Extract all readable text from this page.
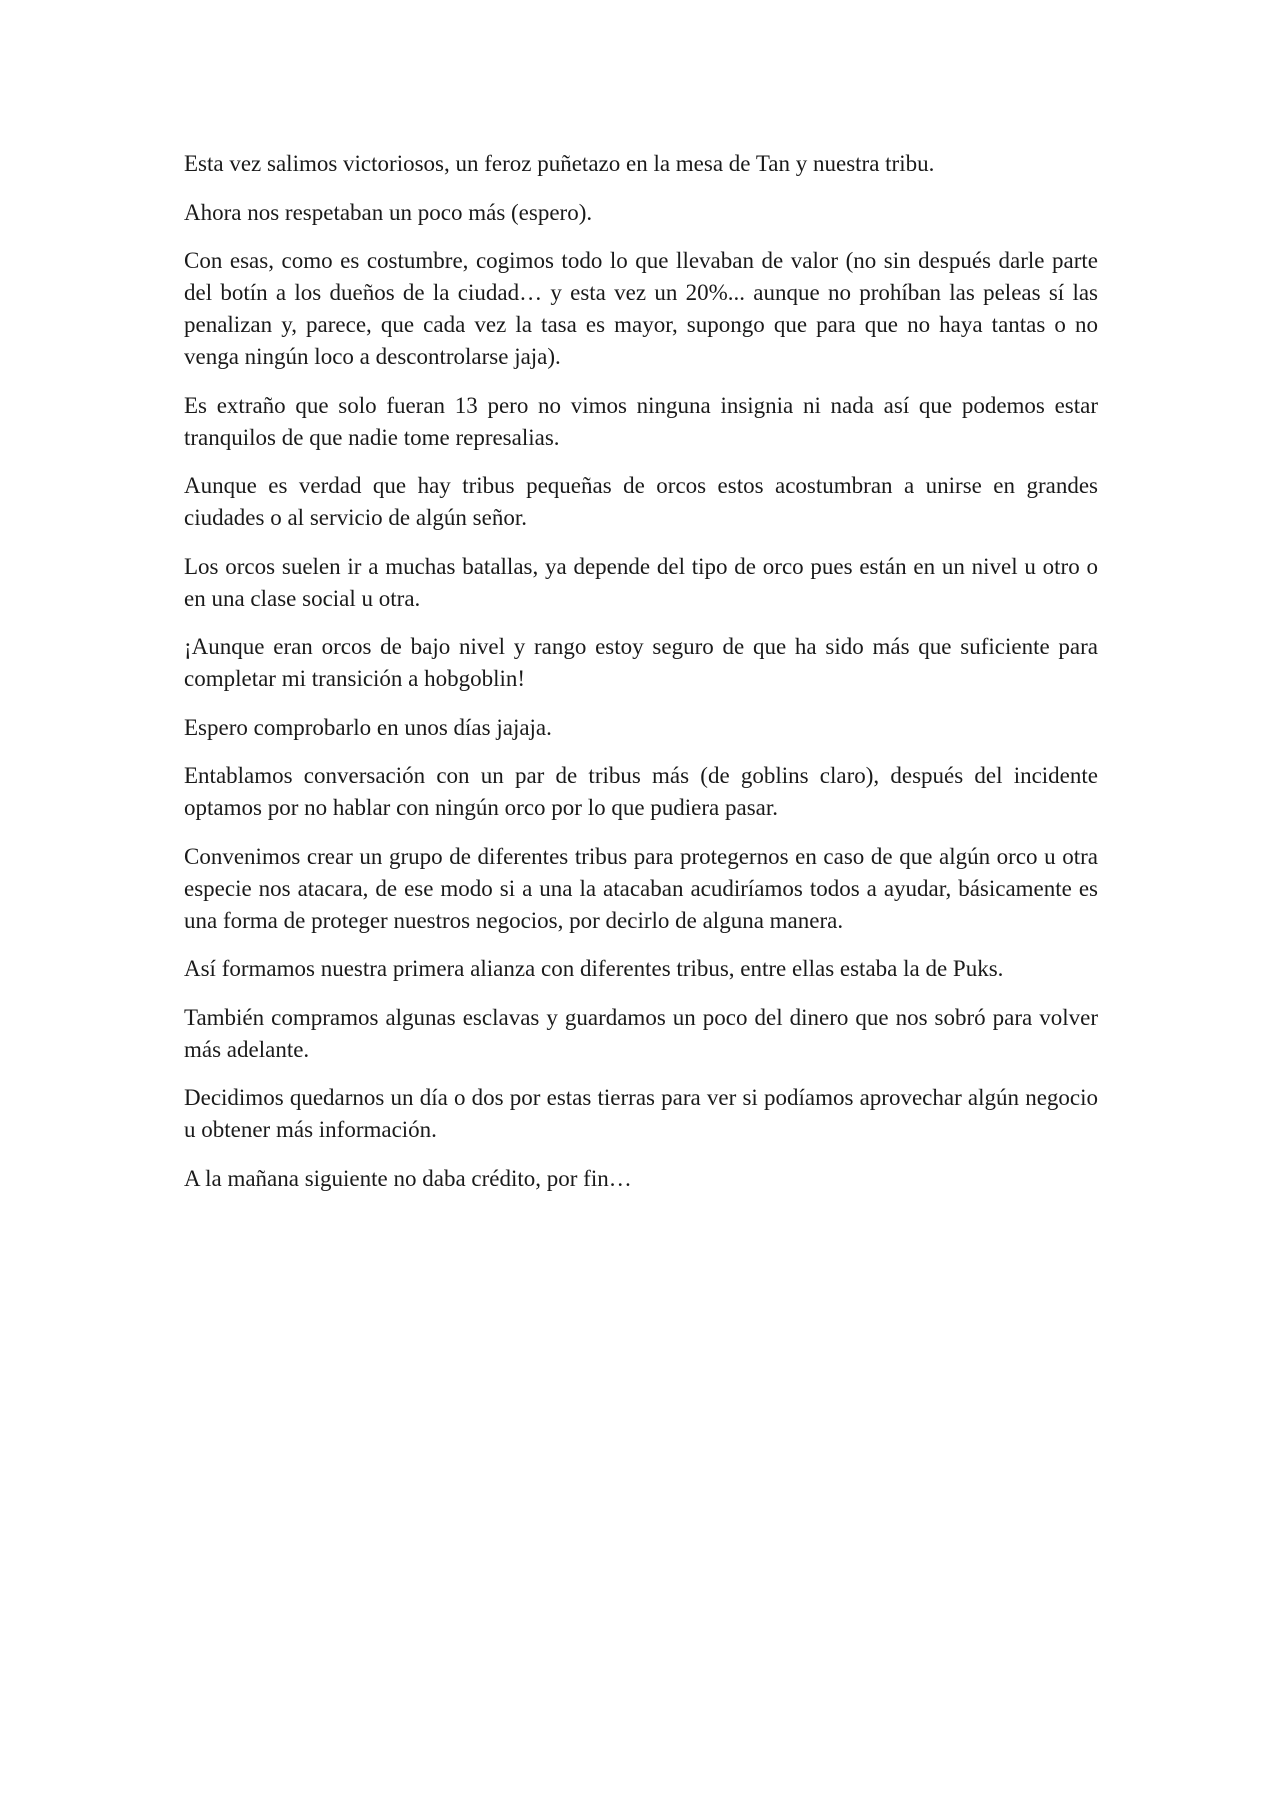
Esta vez salimos victoriosos, un feroz puñetazo en la mesa de Tan y nuestra tribu.

Ahora nos respetaban un poco más (espero).

Con esas, como es costumbre, cogimos todo lo que llevaban de valor (no sin después darle parte del botín a los dueños de la ciudad… y esta vez un 20%... aunque no prohíban las peleas sí las penalizan y, parece, que cada vez la tasa es mayor, supongo que para que no haya tantas o no venga ningún loco a descontrolarse jaja).

Es extraño que solo fueran 13 pero no vimos ninguna insignia ni nada así que podemos estar tranquilos de que nadie tome represalias.

Aunque es verdad que hay tribus pequeñas de orcos estos acostumbran a unirse en grandes ciudades o al servicio de algún señor.

Los orcos suelen ir a muchas batallas, ya depende del tipo de orco pues están en un nivel u otro o en una clase social u otra.

¡Aunque eran orcos de bajo nivel y rango estoy seguro de que ha sido más que suficiente para completar mi transición a hobgoblin!

Espero comprobarlo en unos días jajaja.

Entablamos conversación con un par de tribus más (de goblins claro), después del incidente optamos por no hablar con ningún orco por lo que pudiera pasar.

Convenimos crear un grupo de diferentes tribus para protegernos en caso de que algún orco u otra especie nos atacara, de ese modo si a una la atacaban acudiríamos todos a ayudar, básicamente es una forma de proteger nuestros negocios, por decirlo de alguna manera.

Así formamos nuestra primera alianza con diferentes tribus, entre ellas estaba la de Puks.

También compramos algunas esclavas y guardamos un poco del dinero que nos sobró para volver más adelante.

Decidimos quedarnos un día o dos por estas tierras para ver si podíamos aprovechar algún negocio u obtener más información.

A la mañana siguiente no daba crédito, por fin…
